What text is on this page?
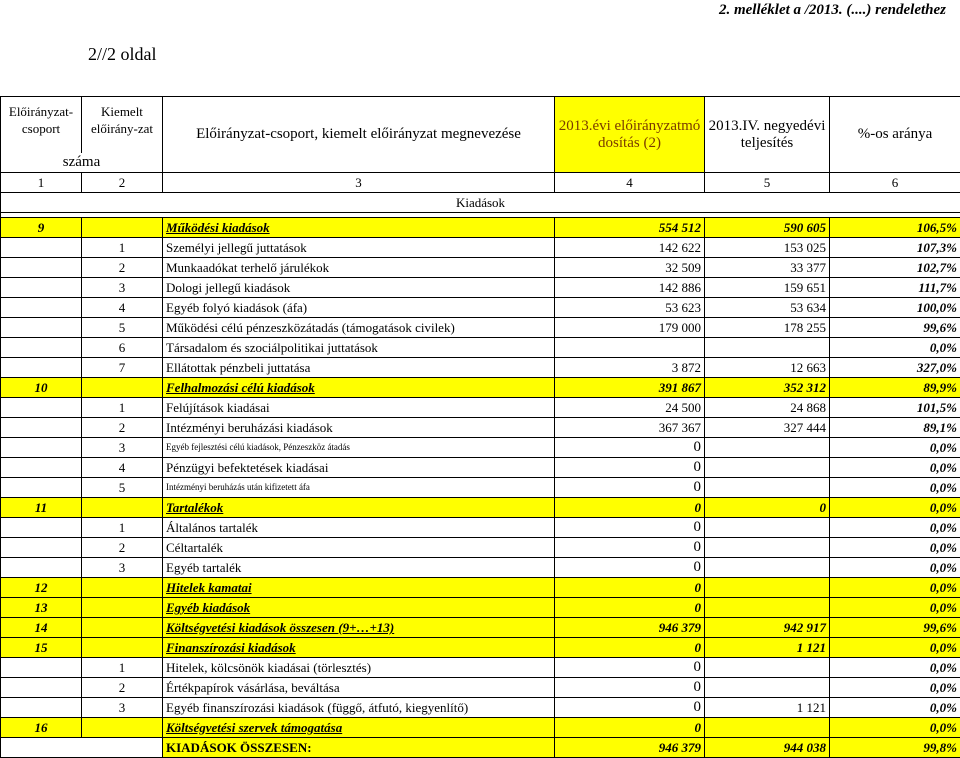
2. melléklet a /2013. (....) rendelethez
2//2 oldal
Előirányzat-csoport	Kiemelt előirány-zat	Előirányzat-csoport, kiemelt előirányzat megnevezése	2013.évi előirányzatmó dosítás (2)	2013.IV. negyedévi teljesítés	%-os aránya
száma					
1	2	3	4	5	6
Kiadások					

9		Működési kiadások	554 512	590 605	106,5%
	1	Személyi jellegű juttatások	142 622	153 025	107,3%
	2	Munkaadókat terhelő járulékok	32 509	33 377	102,7%
	3	Dologi jellegű kiadások	142 886	159 651	111,7%
	4	Egyéb folyó kiadások (áfa)	53 623	53 634	100,0%
	5	Működési célú pénzeszközátadás (támogatások civilek)	179 000	178 255	99,6%
	6	Társadalom és szociálpolitikai juttatások			0,0%
	7	Ellátottak pénzbeli juttatása	3 872	12 663	327,0%
10		Felhalmozási célú kiadások	391 867	352 312	89,9%
	1	Felújítások kiadásai	24 500	24 868	101,5%
	2	Intézményi beruházási kiadások	367 367	327 444	89,1%
	3	Egyéb fejlesztési célú kiadások, Pénzeszköz átadás	0		0,0%
	4	Pénzügyi befektetések kiadásai	0		0,0%
	5	Intézményi beruházás után kifizetett áfa	0		0,0%
11		Tartalékok	0	0	0,0%
	1	Általános tartalék	0		0,0%
	2	Céltartalék	0		0,0%
	3	Egyéb tartalék	0		0,0%
12		Hitelek kamatai	0		0,0%
13		Egyéb kiadások	0		0,0%
14		Költségvetési kiadások összesen (9+…+13)	946 379	942 917	99,6%
15		Finanszírozási kiadások	0	1 121	0,0%
	1	Hitelek, kölcsönök kiadásai (törlesztés)	0		0,0%
	2	Értékpapírok vásárlása, beváltása	0		0,0%
	3	Egyéb finanszírozási kiadások (függő, átfutó, kiegyenlítő)	0	1 121	0,0%
16		Költségvetési szervek támogatása	0		0,0%
		KIADÁSOK ÖSSZESEN:	946 379	944 038	99,8%
